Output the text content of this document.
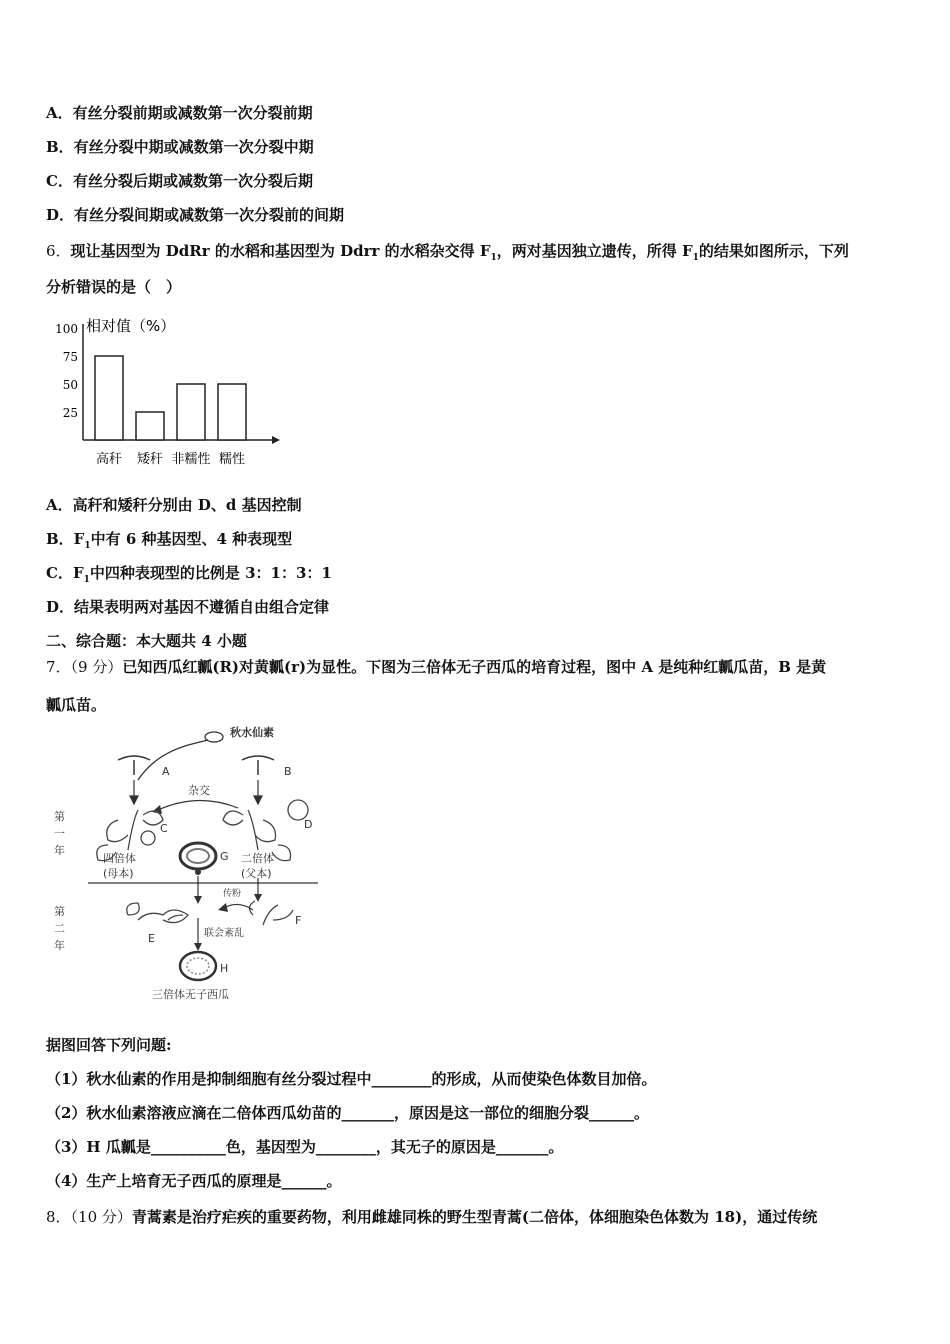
A．有丝分裂前期或减数第一次分裂前期
B．有丝分裂中期或减数第一次分裂中期
C．有丝分裂后期或减数第一次分裂后期
D．有丝分裂间期或减数第一次分裂前的间期
6．现让基因型为 DdRr 的水稻和基因型为 Ddrr 的水稻杂交得 $F_1$，两对基因独立遗传，所得 $F_1$的结果如图所示，下列
分析错误的是（　）
相对值（%）
100
75
50
25
高秆 矮秆 非糯性 糯性
A．高秆和矮秆分别由 D、d 基因控制
B．$F_1$中有 6 种基因型、4 种表现型
C．$F_1$中四种表现型的比例是 3：1：3：1
D．结果表明两对基因不遵循自由组合定律
二、综合题：本大题共 4 小题
7．（9 分）已知西瓜红瓤(R)对黄瓤(r)为显性。下图为三倍体无子西瓜的培育过程，图中 A 是纯种红瓤瓜苗，B 是黄
瓤瓜苗。
秋水仙素
A	B
杂交
C	D
G
第
一
年
第
二
年
四倍体
(母本)
二倍体
(父本)
E
F
传粉
联会紊乱
H
三倍体无子西瓜
据图回答下列问题:
（1）秋水仙素的作用是抑制细胞有丝分裂过程中________的形成，从而使染色体数目加倍。
（2）秋水仙素溶液应滴在二倍体西瓜幼苗的_______，原因是这一部位的细胞分裂______。
（3）H 瓜瓤是__________色，基因型为________，其无子的原因是_______。
（4）生产上培育无子西瓜的原理是______。
8．（10 分）青蒿素是治疗疟疾的重要药物，利用雌雄同株的野生型青蒿(二倍体，体细胞染色体数为 18)，通过传统
